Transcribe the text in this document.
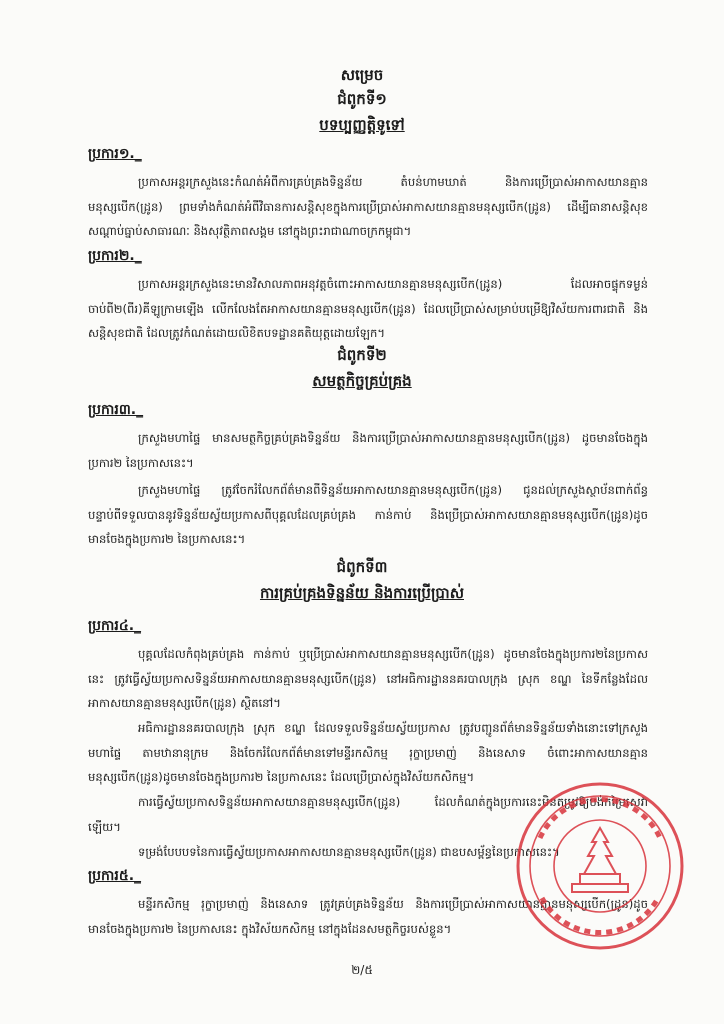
សម្រេច
ជំពូកទី១
បទប្បញ្ញត្តិទូទៅ
ប្រការ១._
ប្រកាសអន្តរក្រសួងនេះកំណត់អំពីការគ្រប់គ្រងទិន្នន័យ តំបន់ហាមឃាត់ និងការប្រើប្រាស់អាកាសយានគ្មានមនុស្សបើក(ដ្រូន) ព្រមទាំងកំណត់អំពីវិធានការសន្តិសុខក្នុងការប្រើប្រាស់អាកាសយានគ្មានមនុស្សបើក(ដ្រូន) ដើម្បីធានាសន្តិសុខ សណ្តាប់ធ្នាប់សាធារណៈ និងសុវត្ថិភាពសង្គម នៅក្នុងព្រះរាជាណាចក្រកម្ពុជា។
ប្រការ២._
ប្រកាសអន្តរក្រសួងនេះមានវិសាលភាពអនុវត្តចំពោះអាកាសយានគ្មានមនុស្សបើក(ដ្រូន) ដែលអាចផ្ទុកទម្ងន់ចាប់ពី២(ពីរ)គីឡូក្រាមឡើង លើកលែងតែអាកាសយានគ្មានមនុស្សបើក(ដ្រូន) ដែលប្រើប្រាស់សម្រាប់បម្រើឱ្យវិស័យការពារជាតិ និងសន្តិសុខជាតិ ដែលត្រូវកំណត់ដោយលិខិតបទដ្ឋានគតិយុត្តដោយឡែក។
ជំពូកទី២
សមត្ថកិច្ចគ្រប់គ្រង
ប្រការ៣._
ក្រសួងមហាផ្ទៃ មានសមត្ថកិច្ចគ្រប់គ្រងទិន្នន័យ និងការប្រើប្រាស់អាកាសយានគ្មានមនុស្សបើក(ដ្រូន) ដូចមានចែងក្នុងប្រការ២ នៃប្រកាសនេះ។
ក្រសួងមហាផ្ទៃ ត្រូវចែករំលែកព័ត៌មានពីទិន្នន័យអាកាសយានគ្មានមនុស្សបើក(ដ្រូន) ជូនដល់ក្រសួងស្ថាប័នពាក់ព័ន្ធ បន្ទាប់ពីទទួលបាននូវទិន្នន័យស្វ័យប្រកាសពីបុគ្គលដែលគ្រប់គ្រង កាន់កាប់ និងប្រើប្រាស់អាកាសយានគ្មានមនុស្សបើក(ដ្រូន)ដូចមានចែងក្នុងប្រការ២ នៃប្រកាសនេះ។
ជំពូកទី៣
ការគ្រប់គ្រងទិន្នន័យ និងការប្រើប្រាស់
ប្រការ៤._
បុគ្គលដែលកំពុងគ្រប់គ្រង កាន់កាប់ ឬប្រើប្រាស់អាកាសយានគ្មានមនុស្សបើក(ដ្រូន) ដូចមានចែងក្នុងប្រការ២នៃប្រកាសនេះ ត្រូវធ្វើស្វ័យប្រកាសទិន្នន័យអាកាសយានគ្មានមនុស្សបើក(ដ្រូន) នៅអធិការដ្ឋាននគរបាលក្រុង ស្រុក ខណ្ឌ នៃទីកន្លែងដែលអាកាសយានគ្មានមនុស្សបើក(ដ្រូន) ស្ថិតនៅ។
អធិការដ្ឋាននគរបាលក្រុង ស្រុក ខណ្ឌ ដែលទទួលទិន្នន័យស្វ័យប្រកាស ត្រូវបញ្ជូនព័ត៌មានទិន្នន័យទាំងនោះទៅក្រសួងមហាផ្ទៃ តាមឋានានុក្រម និងចែករំលែកព័ត៌មានទៅមន្ទីរកសិកម្ម រុក្ខាប្រមាញ់ និងនេសាទ ចំពោះអាកាសយានគ្មានមនុស្សបើក(ដ្រូន)ដូចមានចែងក្នុងប្រការ២ នៃប្រកាសនេះ ដែលប្រើប្រាស់ក្នុងវិស័យកសិកម្ម។
ការធ្វើស្វ័យប្រកាសទិន្នន័យអាកាសយានគ្មានមនុស្សបើក(ដ្រូន) ដែលកំណត់ក្នុងប្រការនេះមិនតម្រូវឱ្យបង់កម្រៃសេវាឡើយ។
ទម្រង់បែបបទនៃការធ្វើស្វ័យប្រកាសអាកាសយានគ្មានមនុស្សបើក(ដ្រូន) ជាឧបសម្ព័ន្ធនៃប្រកាសនេះ។
ប្រការ៥._
មន្ទីរកសិកម្ម រុក្ខាប្រមាញ់ និងនេសាទ ត្រូវគ្រប់គ្រងទិន្នន័យ និងការប្រើប្រាស់អាកាសយានគ្មានមនុស្សបើក(ដ្រូន)ដូចមានចែងក្នុងប្រការ២ នៃប្រកាសនេះ ក្នុងវិស័យកសិកម្ម នៅក្នុងដែនសមត្ថកិច្ចរបស់ខ្លួន។
២/៥
